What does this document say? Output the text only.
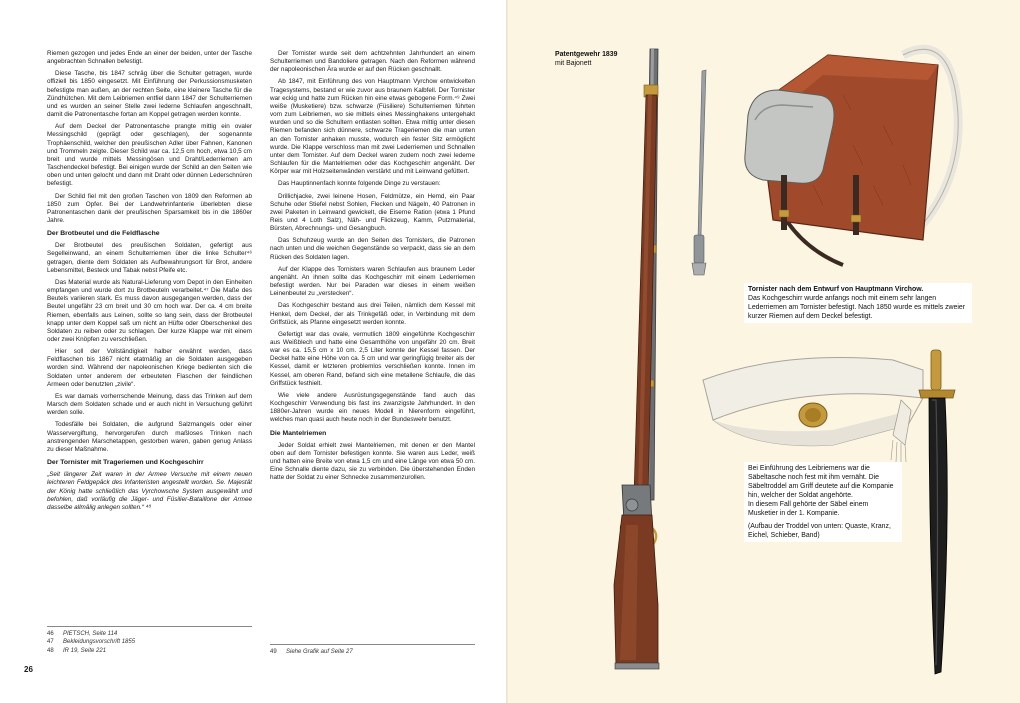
Riemen gezogen und jedes Ende an einer der beiden, unter der Tasche angebrachten Schnallen befestigt.

Diese Tasche, bis 1847 schräg über die Schulter getragen, wurde offiziell bis 1850 eingesetzt. Mit Einführung der Perkussionsmusketen befestigte man außen, an der rechten Seite, eine kleinere Tasche für die Zündhütchen. Mit dem Leibriemen entfiel dann 1847 der Schulterriemen und es wurden an seiner Stelle zwei lederne Schlaufen angeschnallt, damit die Patronentasche fortan am Koppel getragen werden konnte.

Auf dem Deckel der Patronentasche prangte mittig ein ovaler Messingschild (geprägt oder geschlagen), der sogenannte Trophäenschild, welcher den preußischen Adler über Fahnen, Kanonen und Trommeln zeigte. Dieser Schild war ca. 12,5 cm hoch, etwa 10,5 cm breit und wurde mittels Messingösen und Draht/Lederriemen am Taschendeckel befestigt. Bei einigen wurde der Schild an den Seiten wie oben und unten gelocht und dann mit Draht oder dünnen Lederschnüren befestigt.

Der Schild fiel mit den großen Taschen von 1809 den Reformen ab 1850 zum Opfer. Bei der Landwehrinfanterie überlebten diese Patronentaschen dank der preußischen Sparsamkeit bis in die 1860er Jahre.

Der Brotbeutel und die Feldflasche

Der Brotbeutel des preußischen Soldaten, gefertigt aus Segelleinwand, an einem Schulterriemen über die linke Schulter⁴⁶ getragen, diente dem Soldaten als Aufbewahrungsort für Brot, andere Lebensmittel, Besteck und Tabak nebst Pfeife etc.

Das Material wurde als Natural-Lieferung vom Depot in den Einheiten empfangen und wurde dort zu Brotbeuteln verarbeitet.⁴⁷ Die Maße des Beutels variieren stark. Es muss davon ausgegangen werden, dass der Beutel ungefähr 23 cm breit und 30 cm hoch war. Der ca. 4 cm breite Riemen, ebenfalls aus Leinen, sollte so lang sein, dass der Brotbeutel knapp unter dem Koppel saß um nicht an Hüfte oder Oberschenkel des Soldaten zu reiben oder zu schlagen. Der kurze Klappe war mit einem oder zwei Knöpfen zu verschließen.

Hier soll der Vollständigkeit halber erwähnt werden, dass Feldflaschen bis 1867 nicht etatmäßig an die Soldaten ausgegeben worden sind. Während der napoleonischen Kriege bedienten sich die Soldaten unter anderem der erbeuteten Flaschen der feindlichen Armeen oder benutzten „zivile“.

Es war damals vorherrschende Meinung, dass das Trinken auf dem Marsch dem Soldaten schade und er auch nicht in Versuchung geführt werden solle.

Todesfälle bei Soldaten, die aufgrund Salzmangels oder einer Wasservergiftung, hervorgerufen durch maßloses Trinken nach anstrengenden Marschetappen, gestorben waren, gaben genug Anlass zu dieser Maßnahme.

Der Tornister mit Trageriemen und Kochgeschirr

„Seit längerer Zeit waren in der Armee Versuche mit einem neuen leichteren Feldgepäck des Infanteristen angestellt worden. Se. Majestät der König hatte schließlich das Vyrchowsche System ausgewählt und befohlen, daß vorläufig die Jäger- und Füsilier-Bataillone der Armee dasselbe allmälig anlegen sollten.“ ⁴⁸

Der Tornister wurde seit dem achtzehnten Jahrhundert an einem Schulterriemen und Bandoliere getragen. Nach den Reformen während der napoleonischen Ära wurde er auf den Rücken geschnallt.

Ab 1847, mit Einführung des von Hauptmann Vyrchow entwickelten Tragesystems, bestand er wie zuvor aus braunem Kalbfell. Der Tornister war eckig und hatte zum Rücken hin eine etwas gebogene Form.⁴⁹ Zwei weiße (Musketiere) bzw. schwarze (Füsiliere) Schulterriemen führten vom zum Leibriemen, wo sie mittels eines Messinghakens untergehakt wurden und so die Schultern entlasten sollten. Etwa mittig unter diesen Riemen befanden sich dünnere, schwarze Trageriemen die man unten an den Tornister anhaken musste, wodurch ein fester Sitz ermöglicht wurde. Die Klappe verschloss man mit zwei Lederriemen und Schnallen unter dem Tornister. Auf dem Deckel waren zudem noch zwei lederne Schlaufen für die Mantelriemen oder das Kochgeschirr angenäht. Der Körper war mit Holzseitenwänden verstärkt und mit Leinwand gefüttert.

Das Hauptinnenfach konnte folgende Dinge zu verstauen:

Drillichjacke, zwei leinene Hosen, Feldmütze, ein Hemd, ein Paar Schuhe oder Stiefel nebst Sohlen, Flecken und Nägeln, 40 Patronen in zwei Paketen in Leinwand gewickelt, die Eiserne Ration (etwa 1 Pfund Reis und 4 Loth Salz), Näh- und Flickzeug, Kamm, Putzmaterial, Bürsten, Abrechnungs- und Gesangbuch.

Das Schuhzeug wurde an den Seiten des Tornisters, die Patronen nach unten und die weichen Gegenstände so verpackt, dass sie an dem Rücken des Soldaten lagen.

Auf der Klappe des Tornisters waren Schlaufen aus braunem Leder angenäht. An ihnen sollte das Kochgeschirr mit einem Lederriemen befestigt werden. Nur bei Paraden war dieses in einem weißen Leinenbeutel zu „verstecken“.

Das Kochgeschirr bestand aus drei Teilen, nämlich dem Kessel mit Henkel, dem Deckel, der als Trinkgefäß oder, in Verbindung mit dem Griffstück, als Pfanne eingesetzt werden konnte.

Gefertigt war das ovale, vermutlich 1809 eingeführte Kochgeschirr aus Weißblech und hatte eine Gesamthöhe von ungefähr 20 cm. Breit war es ca. 15,5 cm x 10 cm. 2,5 Liter konnte der Kessel fassen. Der Deckel hatte eine Höhe von ca. 5 cm und war geringfügig breiter als der Kessel, damit er letzteren problemlos verschließen konnte. Innen im Kessel, am oberen Rand, befand sich eine metallene Schlaufe, die das Griffstück festhielt.

Wie viele andere Ausrüstungsgegenstände fand auch das Kochgeschirr Verwendung bis fast ins zwanzigste Jahrhundert. In den 1880er-Jahren wurde ein neues Modell in Nierenform eingeführt, welches man quasi auch heute noch in der Bundeswehr benutzt.

Die Mantelriemen

Jeder Soldat erhielt zwei Mantelriemen, mit denen er den Mantel oben auf dem Tornister befestigen konnte. Sie waren aus Leder, weiß und hatten eine Breite von etwa 1,5 cm und eine Länge von etwa 50 cm. Eine Schnalle diente dazu, sie zu verbinden. Die überstehenden Enden hatte der Soldat zu einer Schnecke zusammenzurollen.

46 PIETSCH, Seite 114
47 Bekleidungsvorschrift 1855
48 IR 19, Seite 221	49 Siehe Grafik auf Seite 27
26
Patentgewehr 1839
mit Bajonett
Tornister nach dem Entwurf von Hauptmann Virchow.
Das Kochgeschirr wurde anfangs noch mit einem sehr langen Lederriemen am Tornister befestigt. Nach 1850 wurde es mittels zweier kurzer Riemen auf dem Deckel befestigt.
Bei Einführung des Leibriemens war die Säbeltasche noch fest mit ihm vernäht. Die Säbeltroddel am Griff deutete auf die Kompanie hin, welcher der Soldat angehörte.
In diesem Fall gehörte der Säbel einem Musketier in der 1. Kompanie.

(Aufbau der Troddel von unten: Quaste, Kranz, Eichel, Schieber, Band)
